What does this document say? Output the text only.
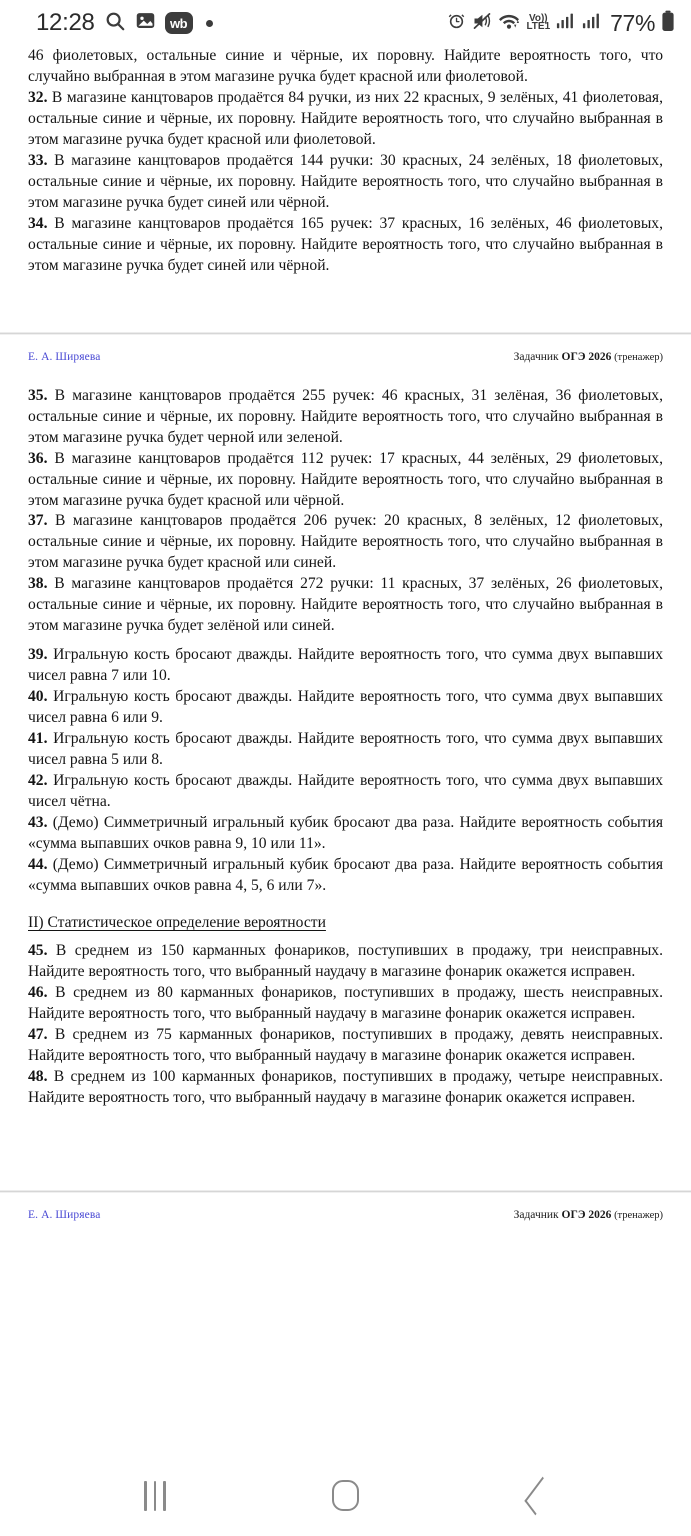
12:28	wb	Vo))
LTE1	77%

46 фиолетовых, остальные синие и чёрные, их поровну. Найдите вероятность того, что случайно выбранная в этом магазине ручка будет красной или фиолетовой.

32. В магазине канцтоваров продаётся 84 ручки, из них 22 красных, 9 зелёных, 41 фиолетовая, остальные синие и чёрные, их поровну. Найдите вероятность того, что случайно выбранная в этом магазине ручка будет красной или фиолетовой.

33. В магазине канцтоваров продаётся 144 ручки: 30 красных, 24 зелёных, 18 фиолетовых, остальные синие и чёрные, их поровну. Найдите вероятность того, что случайно выбранная в этом магазине ручка будет синей или чёрной.

34. В магазине канцтоваров продаётся 165 ручек: 37 красных, 16 зелёных, 46 фиолетовых, остальные синие и чёрные, их поровну. Найдите вероятность того, что случайно выбранная в этом магазине ручка будет синей или чёрной.

Е. А. Ширяева	Задачник ОГЭ 2026 (тренажер)

35. В магазине канцтоваров продаётся 255 ручек: 46 красных, 31 зелёная, 36 фиолетовых, остальные синие и чёрные, их поровну. Найдите вероятность того, что случайно выбранная в этом магазине ручка будет черной или зеленой.

36. В магазине канцтоваров продаётся 112 ручек: 17 красных, 44 зелёных, 29 фиолетовых, остальные синие и чёрные, их поровну. Найдите вероятность того, что случайно выбранная в этом магазине ручка будет красной или чёрной.

37. В магазине канцтоваров продаётся 206 ручек: 20 красных, 8 зелёных, 12 фиолетовых, остальные синие и чёрные, их поровну. Найдите вероятность того, что случайно выбранная в этом магазине ручка будет красной или синей.

38. В магазине канцтоваров продаётся 272 ручки: 11 красных, 37 зелёных, 26 фиолетовых, остальные синие и чёрные, их поровну. Найдите вероятность того, что случайно выбранная в этом магазине ручка будет зелёной или синей.

39. Игральную кость бросают дважды. Найдите вероятность того, что сумма двух выпавших чисел равна 7 или 10.

40. Игральную кость бросают дважды. Найдите вероятность того, что сумма двух выпавших чисел равна 6 или 9.

41. Игральную кость бросают дважды. Найдите вероятность того, что сумма двух выпавших чисел равна 5 или 8.

42. Игральную кость бросают дважды. Найдите вероятность того, что сумма двух выпавших чисел чётна.

43. (Демо) Симметричный игральный кубик бросают два раза. Найдите вероятность события «сумма выпавших очков равна 9, 10 или 11».

44. (Демо) Симметричный игральный кубик бросают два раза. Найдите вероятность события «сумма выпавших очков равна 4, 5, 6 или 7».

II) Статистическое определение вероятности

45. В среднем из 150 карманных фонариков, поступивших в продажу, три неисправных. Найдите вероятность того, что выбранный наудачу в магазине фонарик окажется исправен.

46. В среднем из 80 карманных фонариков, поступивших в продажу, шесть неисправных. Найдите вероятность того, что выбранный наудачу в магазине фонарик окажется исправен.

47. В среднем из 75 карманных фонариков, поступивших в продажу, девять неисправных. Найдите вероятность того, что выбранный наудачу в магазине фонарик окажется исправен.

48. В среднем из 100 карманных фонариков, поступивших в продажу, четыре неисправных. Найдите вероятность того, что выбранный наудачу в магазине фонарик окажется исправен.

Е. А. Ширяева	Задачник ОГЭ 2026 (тренажер)
